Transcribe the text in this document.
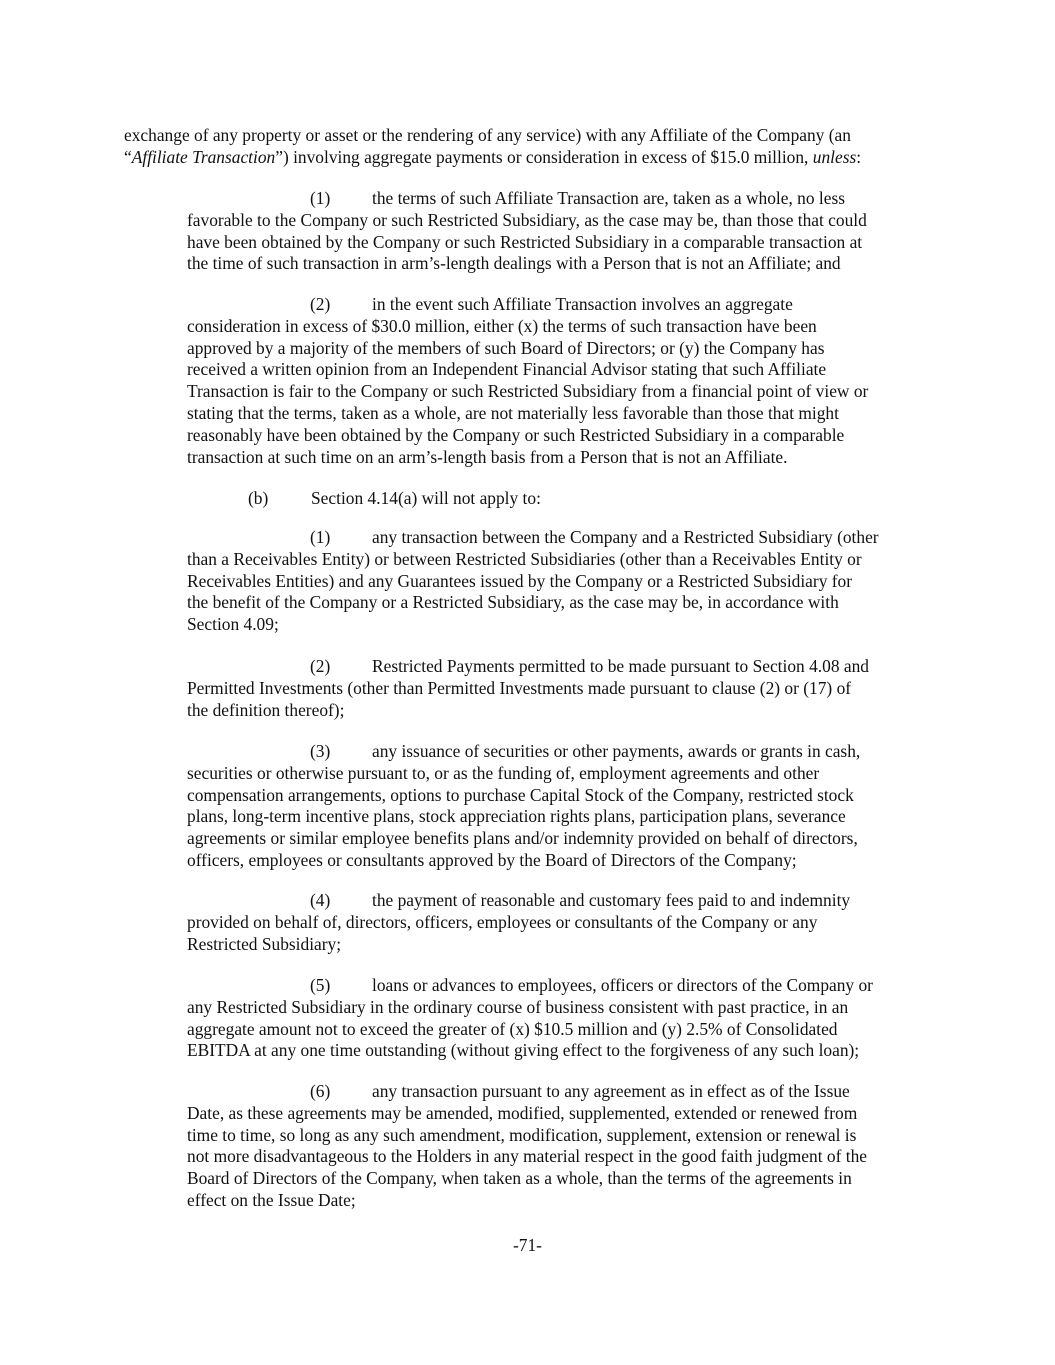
exchange of any property or asset or the rendering of any service) with any Affiliate of the Company (an
“Affiliate Transaction”) involving aggregate payments or consideration in excess of $15.0 million, unless:
(1) the terms of such Affiliate Transaction are, taken as a whole, no less
favorable to the Company or such Restricted Subsidiary, as the case may be, than those that could
have been obtained by the Company or such Restricted Subsidiary in a comparable transaction at
the time of such transaction in arm’s-length dealings with a Person that is not an Affiliate; and
(2) in the event such Affiliate Transaction involves an aggregate
consideration in excess of $30.0 million, either (x) the terms of such transaction have been
approved by a majority of the members of such Board of Directors; or (y) the Company has
received a written opinion from an Independent Financial Advisor stating that such Affiliate
Transaction is fair to the Company or such Restricted Subsidiary from a financial point of view or
stating that the terms, taken as a whole, are not materially less favorable than those that might
reasonably have been obtained by the Company or such Restricted Subsidiary in a comparable
transaction at such time on an arm’s-length basis from a Person that is not an Affiliate.
(b) Section 4.14(a) will not apply to:
(1) any transaction between the Company and a Restricted Subsidiary (other
than a Receivables Entity) or between Restricted Subsidiaries (other than a Receivables Entity or
Receivables Entities) and any Guarantees issued by the Company or a Restricted Subsidiary for
the benefit of the Company or a Restricted Subsidiary, as the case may be, in accordance with
Section 4.09;
(2) Restricted Payments permitted to be made pursuant to Section 4.08 and
Permitted Investments (other than Permitted Investments made pursuant to clause (2) or (17) of
the definition thereof);
(3) any issuance of securities or other payments, awards or grants in cash,
securities or otherwise pursuant to, or as the funding of, employment agreements and other
compensation arrangements, options to purchase Capital Stock of the Company, restricted stock
plans, long-term incentive plans, stock appreciation rights plans, participation plans, severance
agreements or similar employee benefits plans and/or indemnity provided on behalf of directors,
officers, employees or consultants approved by the Board of Directors of the Company;
(4) the payment of reasonable and customary fees paid to and indemnity
provided on behalf of, directors, officers, employees or consultants of the Company or any
Restricted Subsidiary;
(5) loans or advances to employees, officers or directors of the Company or
any Restricted Subsidiary in the ordinary course of business consistent with past practice, in an
aggregate amount not to exceed the greater of (x) $10.5 million and (y) 2.5% of Consolidated
EBITDA at any one time outstanding (without giving effect to the forgiveness of any such loan);
(6) any transaction pursuant to any agreement as in effect as of the Issue
Date, as these agreements may be amended, modified, supplemented, extended or renewed from
time to time, so long as any such amendment, modification, supplement, extension or renewal is
not more disadvantageous to the Holders in any material respect in the good faith judgment of the
Board of Directors of the Company, when taken as a whole, than the terms of the agreements in
effect on the Issue Date;
-71-
